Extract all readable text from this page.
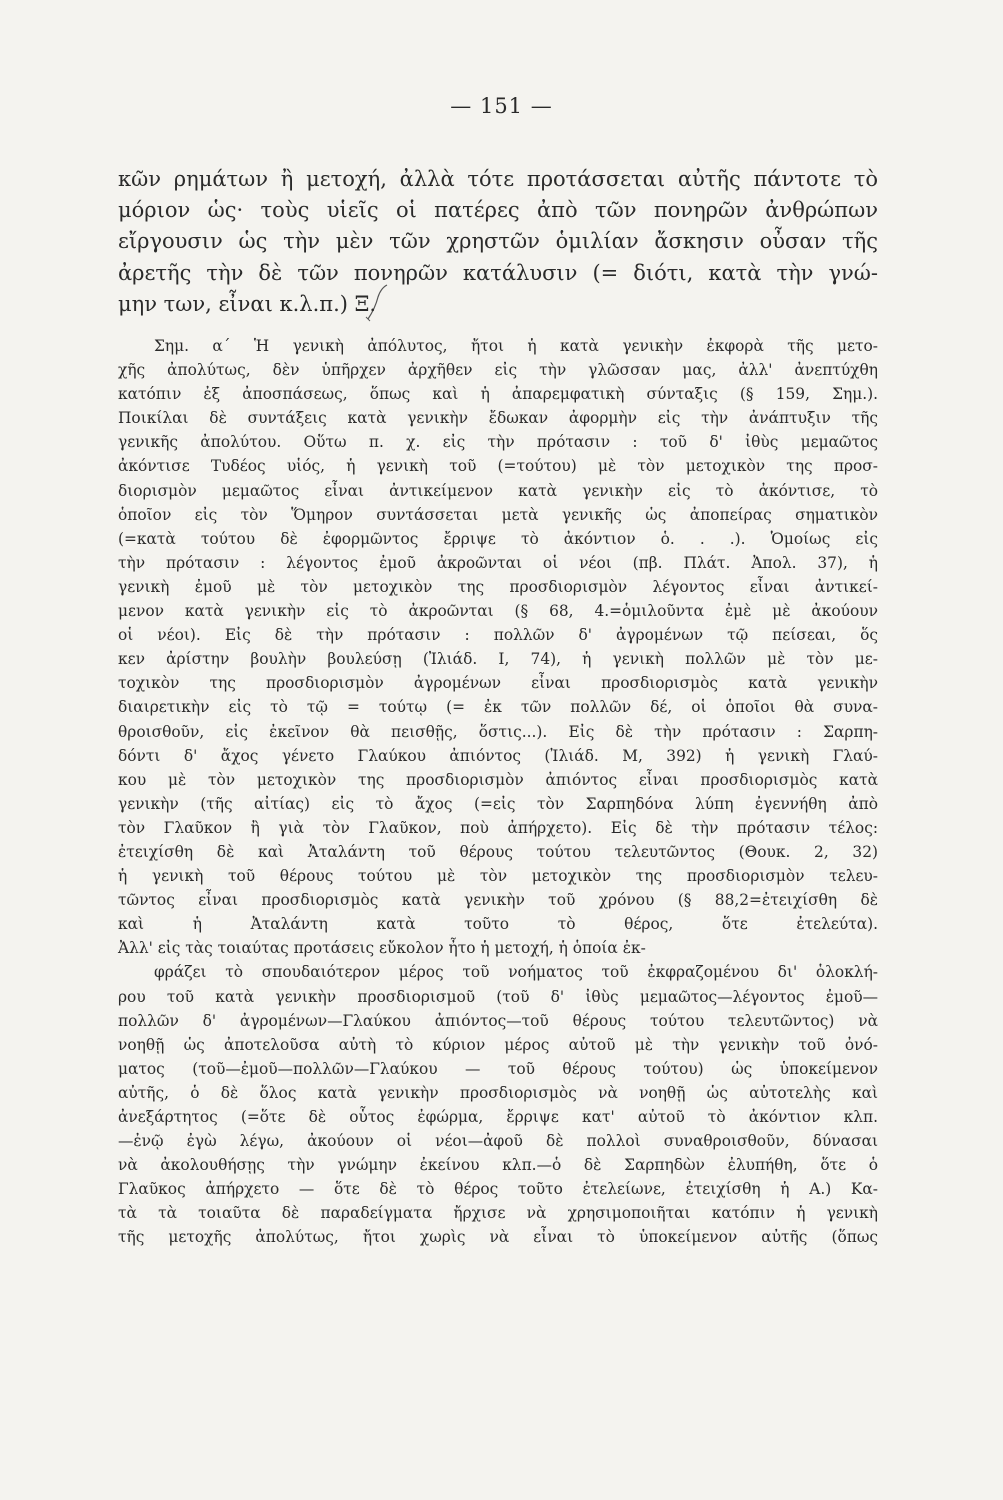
— 151 —

κῶν ρημάτων ἢ μετοχή, ἀλλὰ τότε προτάσσεται αὐτῆς πάντοτε τὸ
μόριον ὡς· τοὺς υἱεῖς οἱ πατέρες ἀπὸ τῶν πονηρῶν ἀνθρώπων
εἴργουσιν ὡς τὴν μὲν τῶν χρηστῶν ὁμιλίαν ἄσκησιν οὖσαν τῆς
ἀρετῆς τὴν δὲ τῶν πονηρῶν κατάλυσιν (= διότι, κατὰ τὴν γνώ-
μην των, εἶναι κ.λ.π.) Ξ.

Σημ. α΄ Ἡ γενικὴ ἀπόλυτος, ἤτοι ἡ κατὰ γενικὴν ἐκφορὰ τῆς μετο-
χῆς ἀπολύτως, δὲν ὑπῆρχεν ἀρχῆθεν εἰς τὴν γλῶσσαν μας, ἀλλ' ἀνεπτύχθη
κατόπιν ἐξ ἀποσπάσεως, ὅπως καὶ ἡ ἀπαρεμφατικὴ σύνταξις (§ 159, Σημ.).
Ποικίλαι δὲ συντάξεις κατὰ γενικὴν ἔδωκαν ἀφορμὴν εἰς τὴν ἀνάπτυξιν τῆς
γενικῆς ἀπολύτου. Οὕτω π. χ. εἰς τὴν πρότασιν : τοῦ δ' ἰθὺς μεμαῶτος
ἀκόντισε Τυδέος υἱός, ἡ γενικὴ τοῦ (=τούτου) μὲ τὸν μετοχικὸν της προσ-
διορισμὸν μεμαῶτος εἶναι ἀντικείμενον κατὰ γενικὴν εἰς τὸ ἀκόντισε, τὸ
ὁποῖον εἰς τὸν Ὅμηρον συντάσσεται μετὰ γενικῆς ὡς ἀποπείρας σηματικὸν
(=κατὰ τούτου δὲ ἐφορμῶντος ἔρριψε τὸ ἀκόντιον ὁ. . .). Ὁμοίως εἰς
τὴν πρότασιν : λέγοντος ἐμοῦ ἀκροῶνται οἱ νέοι (πβ. Πλάτ. Ἀπολ. 37), ἡ
γενικὴ ἐμοῦ μὲ τὸν μετοχικὸν της προσδιορισμὸν λέγοντος εἶναι ἀντικεί-
μενον κατὰ γενικὴν εἰς τὸ ἀκροῶνται (§ 68, 4.=ὁμιλοῦντα ἐμὲ μὲ ἀκούουν
οἱ νέοι). Εἰς δὲ τὴν πρότασιν : πολλῶν δ' ἀγρομένων τῷ πείσεαι, ὅς
κεν ἀρίστην βουλὴν βουλεύσῃ (Ἰλιάδ. Ι, 74), ἡ γενικὴ πολλῶν μὲ τὸν με-
τοχικὸν της προσδιορισμὸν ἀγρομένων εἶναι προσδιορισμὸς κατὰ γενικὴν
διαιρετικὴν εἰς τὸ τῷ = τούτῳ (= ἐκ τῶν πολλῶν δέ, οἱ ὁποῖοι θὰ συνα-
θροισθοῦν, εἰς ἐκεῖνον θὰ πεισθῇς, ὅστις...). Εἰς δὲ τὴν πρότασιν : Σαρπη-
δόντι δ' ἄχος γένετο Γλαύκου ἀπιόντος (Ἰλιάδ. Μ, 392) ἡ γενικὴ Γλαύ-
κου μὲ τὸν μετοχικὸν της προσδιορισμὸν ἀπιόντος εἶναι προσδιορισμὸς κατὰ
γενικὴν (τῆς αἰτίας) εἰς τὸ ἄχος (=εἰς τὸν Σαρπηδόνα λύπη ἐγεννήθη ἀπὸ
τὸν Γλαῦκον ἢ γιὰ τὸν Γλαῦκον, ποὺ ἀπήρχετο). Εἰς δὲ τὴν πρότασιν τέλος:
ἐτειχίσθη δὲ καὶ Ἀταλάντη τοῦ θέρους τούτου τελευτῶντος (Θουκ. 2, 32)
ἡ γενικὴ τοῦ θέρους τούτου μὲ τὸν μετοχικὸν της προσδιορισμὸν τελευ-
τῶντος εἶναι προσδιορισμὸς κατὰ γενικὴν τοῦ χρόνου (§ 88,2=ἐτειχίσθη δὲ
καὶ ἡ Ἀταλάντη κατὰ τοῦτο τὸ θέρος, ὅτε ἐτελεύτα).
Ἀλλ' εἰς τὰς τοιαύτας προτάσεις εὔκολον ἦτο ἡ μετοχή, ἡ ὁποία ἐκ-
φράζει τὸ σπουδαιότερον μέρος τοῦ νοήματος τοῦ ἐκφραζομένου δι' ὁλοκλή-
ρου τοῦ κατὰ γενικὴν προσδιορισμοῦ (τοῦ δ' ἰθὺς μεμαῶτος—λέγοντος ἐμοῦ—
πολλῶν δ' ἀγρομένων—Γλαύκου ἀπιόντος—τοῦ θέρους τούτου τελευτῶντος) νὰ
νοηθῇ ὡς ἀποτελοῦσα αὐτὴ τὸ κύριον μέρος αὐτοῦ μὲ τὴν γενικὴν τοῦ ὀνό-
ματος (τοῦ—ἐμοῦ—πολλῶν—Γλαύκου — τοῦ θέρους τούτου) ὡς ὑποκείμενον
αὐτῆς, ὁ δὲ ὅλος κατὰ γενικὴν προσδιορισμὸς νὰ νοηθῇ ὡς αὐτοτελὴς καὶ
ἀνεξάρτητος (=ὅτε δὲ οὗτος ἐφώρμα, ἔρριψε κατ' αὐτοῦ τὸ ἀκόντιον κλπ.
—ἐνῷ ἐγὼ λέγω, ἀκούουν οἱ νέοι—ἀφοῦ δὲ πολλοὶ συναθροισθοῦν, δύνασαι
νὰ ἀκολουθήσῃς τὴν γνώμην ἐκείνου κλπ.—ὁ δὲ Σαρπηδὼν ἐλυπήθη, ὅτε ὁ
Γλαῦκος ἀπήρχετο — ὅτε δὲ τὸ θέρος τοῦτο ἐτελείωνε, ἐτειχίσθη ἡ Α.) Κα-
τὰ τὰ τοιαῦτα δὲ παραδείγματα ἤρχισε νὰ χρησιμοποιῆται κατόπιν ἡ γενικὴ
τῆς μετοχῆς ἀπολύτως, ἤτοι χωρὶς νὰ εἶναι τὸ ὑποκείμενον αὐτῆς (ὅπως
